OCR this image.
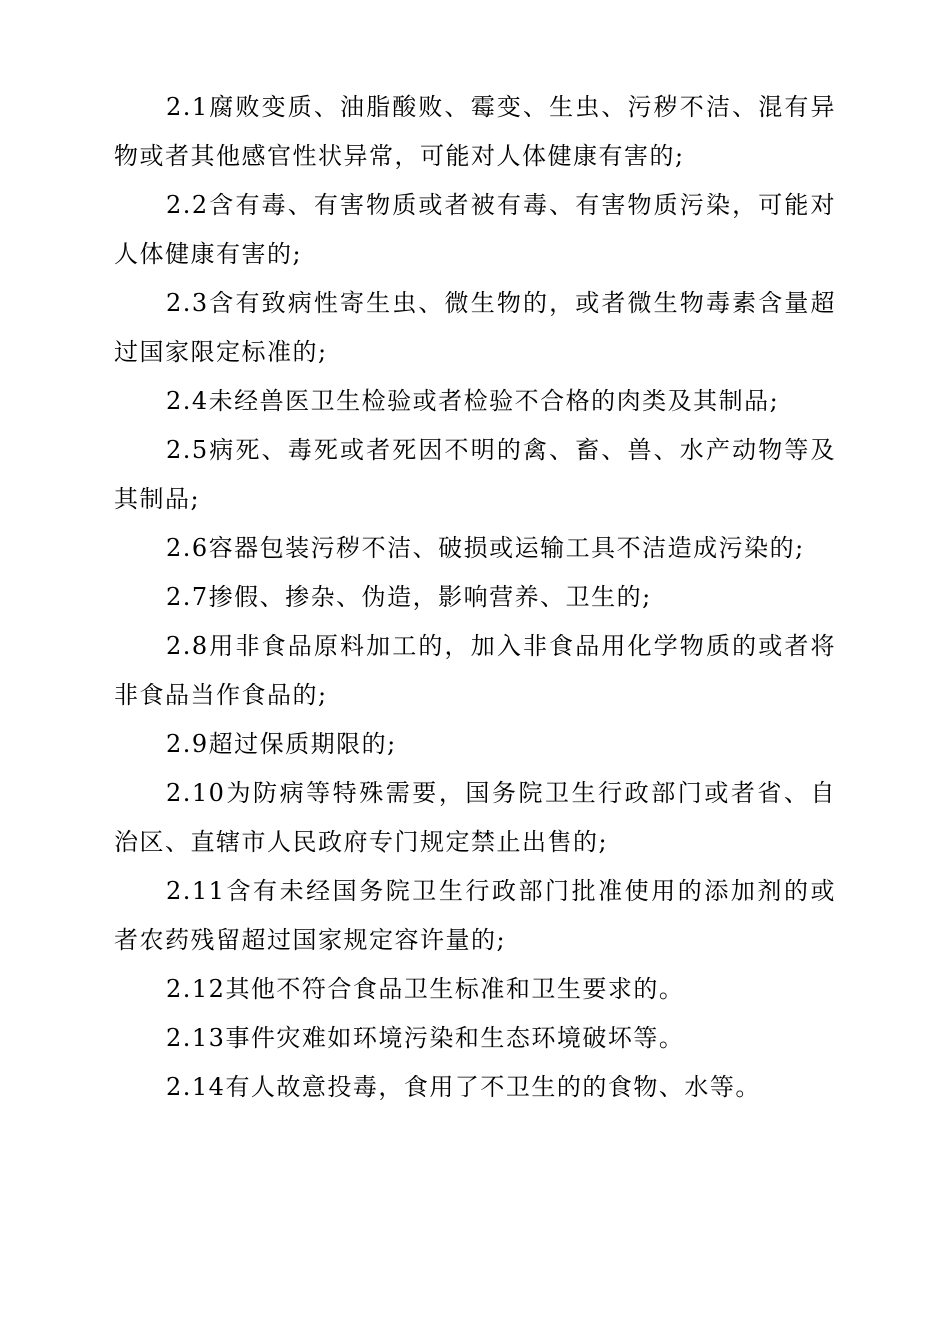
2.1腐败变质、油脂酸败、霉变、生虫、污秽不洁、混有异物或者其他感官性状异常，可能对人体健康有害的;

2.2含有毒、有害物质或者被有毒、有害物质污染，可能对人体健康有害的;

2.3含有致病性寄生虫、微生物的，或者微生物毒素含量超过国家限定标准的;

2.4未经兽医卫生检验或者检验不合格的肉类及其制品;

2.5病死、毒死或者死因不明的禽、畜、兽、水产动物等及其制品;

2.6容器包装污秽不洁、破损或运输工具不洁造成污染的;

2.7掺假、掺杂、伪造，影响营养、卫生的;

2.8用非食品原料加工的，加入非食品用化学物质的或者将非食品当作食品的;

2.9超过保质期限的;

2.10为防病等特殊需要，国务院卫生行政部门或者省、自治区、直辖市人民政府专门规定禁止出售的;

2.11含有未经国务院卫生行政部门批准使用的添加剂的或者农药残留超过国家规定容许量的;

2.12其他不符合食品卫生标准和卫生要求的。

2.13事件灾难如环境污染和生态环境破坏等。

2.14有人故意投毒，食用了不卫生的的食物、水等。
